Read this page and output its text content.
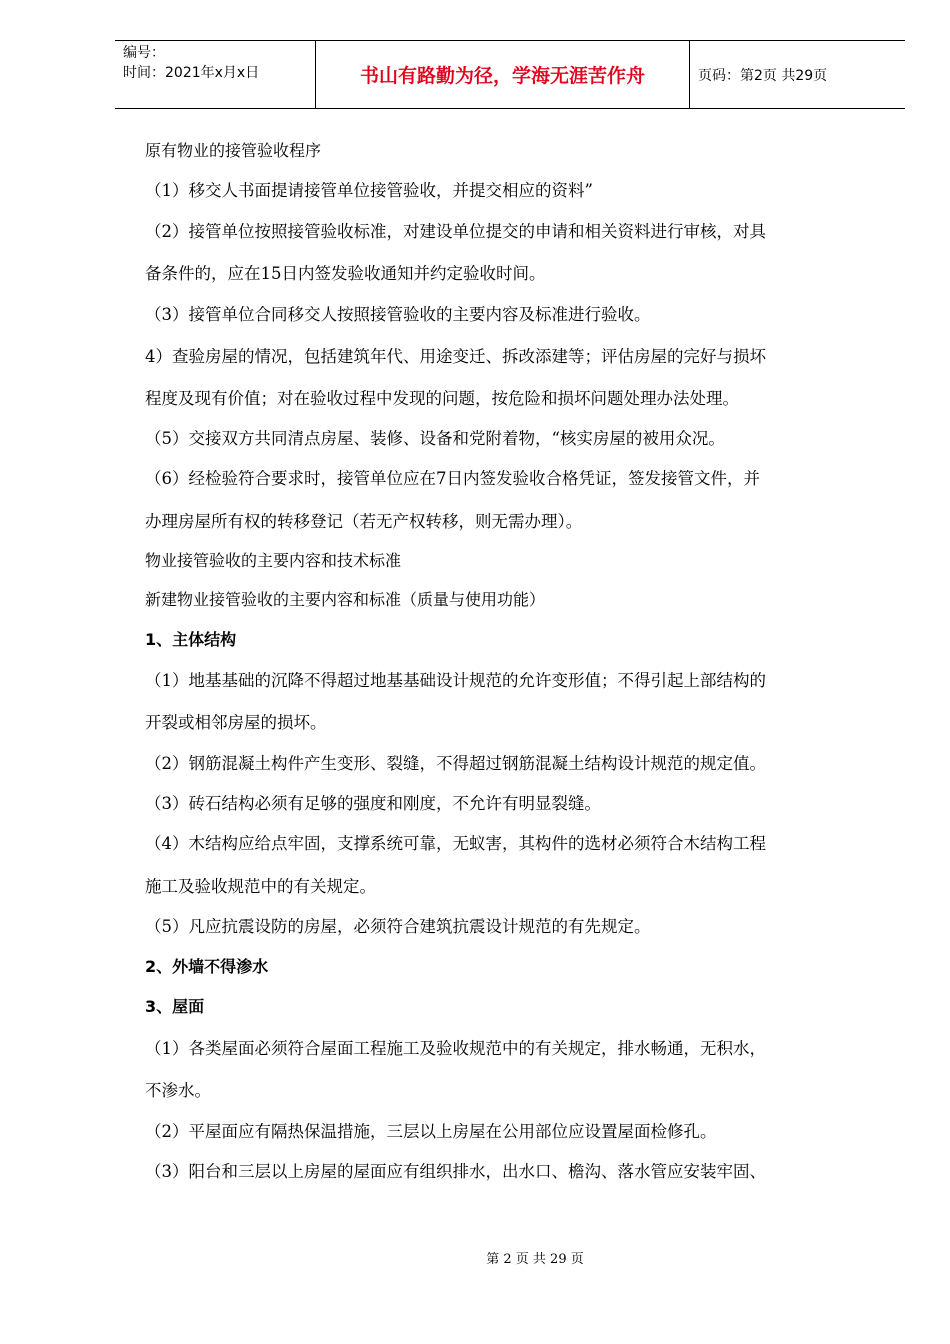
编号：
时间：2021年x月x日	书山有路勤为径，学海无涯苦作舟	页码：第2页 共29页
原有物业的接管验收程序
（1）移交人书面提请接管单位接管验收，并提交相应的资料”
（2）接管单位按照接管验收标准，对建设单位提交的申请和相关资料进行审核，对具
备条件的，应在15日内签发验收通知并约定验收时间。
（3）接管单位合同移交人按照接管验收的主要内容及标准进行验收。
4）查验房屋的情况，包括建筑年代、用途变迁、拆改添建等；评估房屋的完好与损坏
程度及现有价值；对在验收过程中发现的问题，按危险和损坏问题处理办法处理。
（5）交接双方共同清点房屋、装修、设备和党附着物，“核实房屋的被用众况。
（6）经检验符合要求时，接管单位应在7日内签发验收合格凭证，签发接管文件，并
办理房屋所有权的转移登记（若无产权转移，则无需办理）。
物业接管验收的主要内容和技术标准
新建物业接管验收的主要内容和标准（质量与使用功能）
1、主体结构
（1）地基基础的沉降不得超过地基基础设计规范的允许变形值；不得引起上部结构的
开裂或相邻房屋的损坏。
（2）钢筋混凝土构件产生变形、裂缝，不得超过钢筋混凝土结构设计规范的规定值。
（3）砖石结构必须有足够的强度和刚度，不允许有明显裂缝。
（4）木结构应给点牢固，支撑系统可靠，无蚁害，其构件的选材必须符合木结构工程
施工及验收规范中的有关规定。
（5）凡应抗震设防的房屋，必须符合建筑抗震设计规范的有先规定。
2、外墙不得渗水
3、屋面
（1）各类屋面必须符合屋面工程施工及验收规范中的有关规定，排水畅通，无积水，
不渗水。
（2）平屋面应有隔热保温措施，三层以上房屋在公用部位应设置屋面检修孔。
（3）阳台和三层以上房屋的屋面应有组织排水，出水口、檐沟、落水管应安装牢固、
第 2 页 共 29 页
